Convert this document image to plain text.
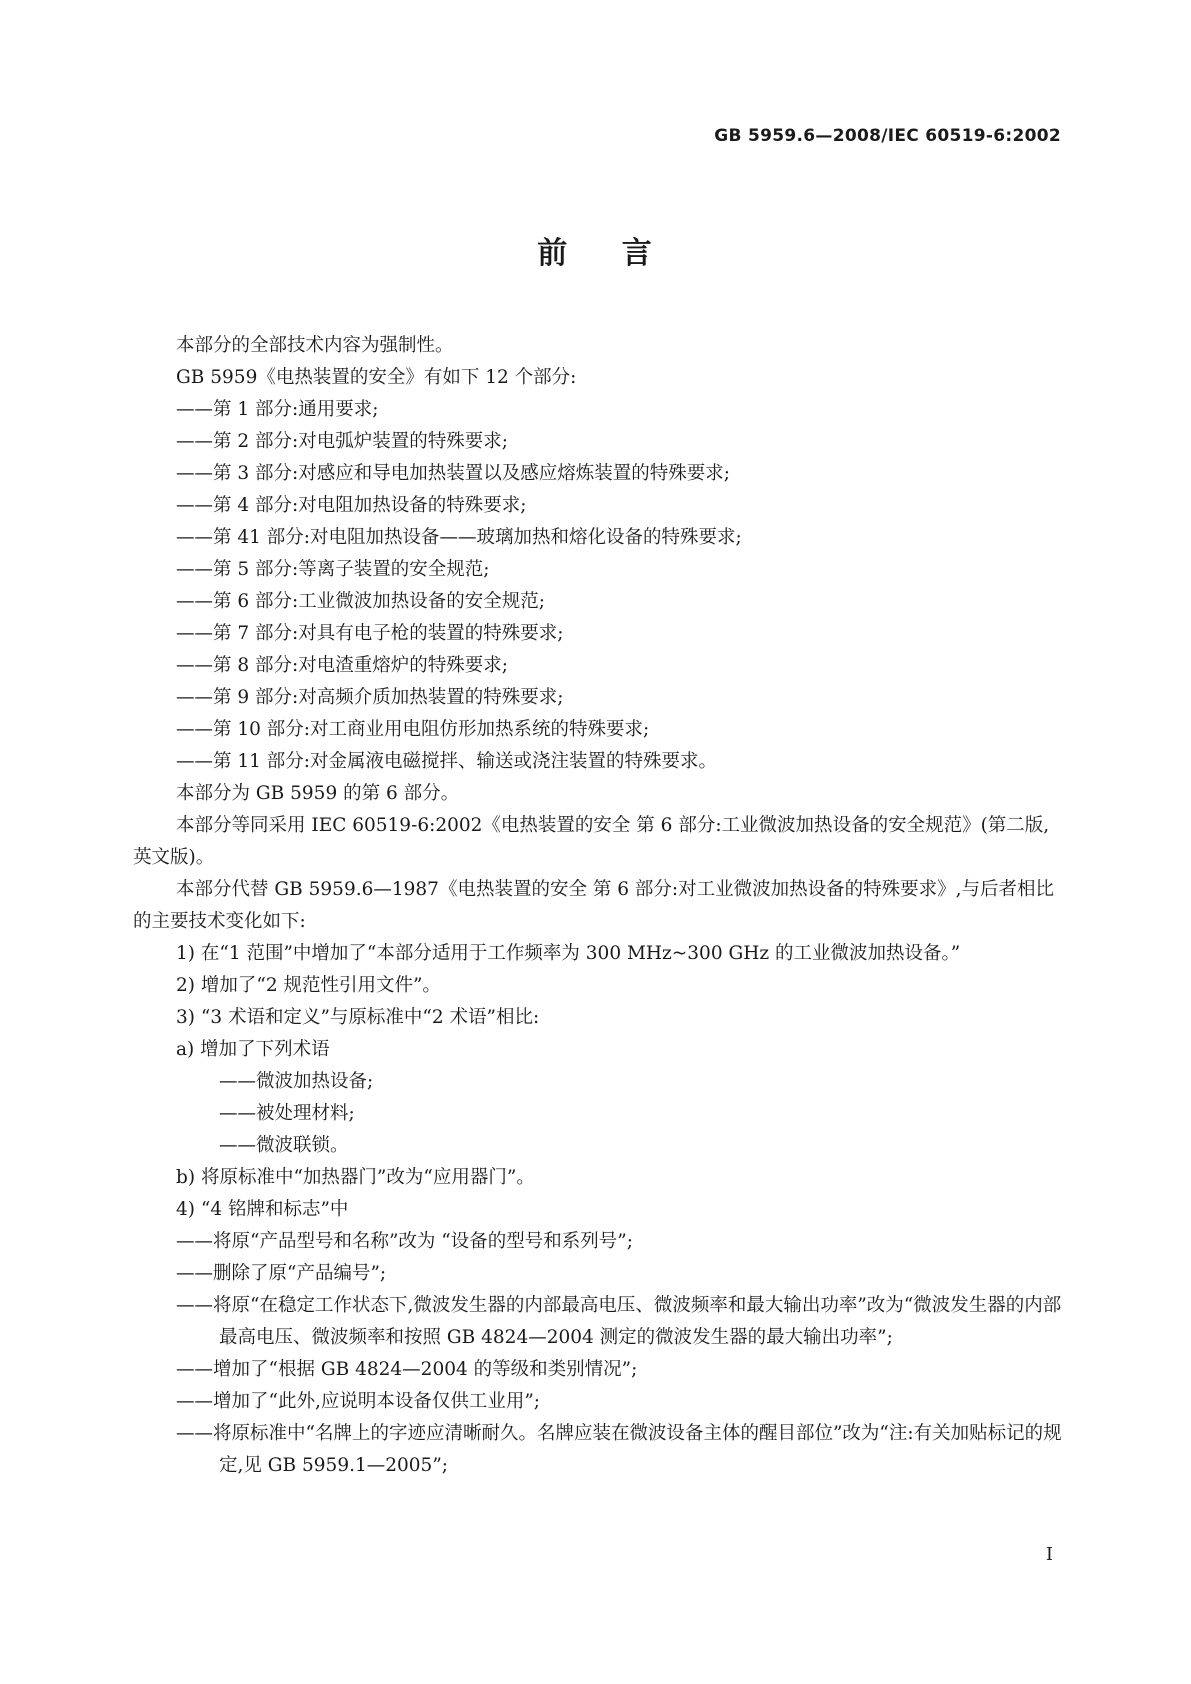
GB 5959.6—2008/IEC 60519-6:2002
前 言

本部分的全部技术内容为强制性。

GB 5959《电热装置的安全》有如下 12 个部分:

——第 1 部分:通用要求;

——第 2 部分:对电弧炉装置的特殊要求;

——第 3 部分:对感应和导电加热装置以及感应熔炼装置的特殊要求;

——第 4 部分:对电阻加热设备的特殊要求;

——第 41 部分:对电阻加热设备——玻璃加热和熔化设备的特殊要求;

——第 5 部分:等离子装置的安全规范;

——第 6 部分:工业微波加热设备的安全规范;

——第 7 部分:对具有电子枪的装置的特殊要求;

——第 8 部分:对电渣重熔炉的特殊要求;

——第 9 部分:对高频介质加热装置的特殊要求;

——第 10 部分:对工商业用电阻仿形加热系统的特殊要求;

——第 11 部分:对金属液电磁搅拌、输送或浇注装置的特殊要求。

本部分为 GB 5959 的第 6 部分。

本部分等同采用 IEC 60519-6:2002《电热装置的安全 第 6 部分:工业微波加热设备的安全规范》(第二版,英文版)。

本部分代替 GB 5959.6—1987《电热装置的安全 第 6 部分:对工业微波加热设备的特殊要求》,与后者相比的主要技术变化如下:

1) 在“1 范围”中增加了“本部分适用于工作频率为 300 MHz~300 GHz 的工业微波加热设备。”

2) 增加了“2 规范性引用文件”。

3) “3 术语和定义”与原标准中“2 术语”相比:

a) 增加了下列术语

——微波加热设备;

——被处理材料;

——微波联锁。

b) 将原标准中“加热器门”改为“应用器门”。

4) “4 铭牌和标志”中

——将原“产品型号和名称”改为 “设备的型号和系列号”;

——删除了原“产品编号”;

——将原“在稳定工作状态下,微波发生器的内部最高电压、微波频率和最大输出功率”改为“微波发生器的内部最高电压、微波频率和按照 GB 4824—2004 测定的微波发生器的最大输出功率”;

——增加了“根据 GB 4824—2004 的等级和类别情况”;

——增加了“此外,应说明本设备仅供工业用”;

——将原标准中“名牌上的字迹应清晰耐久。名牌应装在微波设备主体的醒目部位”改为“注:有关加贴标记的规定,见 GB 5959.1—2005”;

I
